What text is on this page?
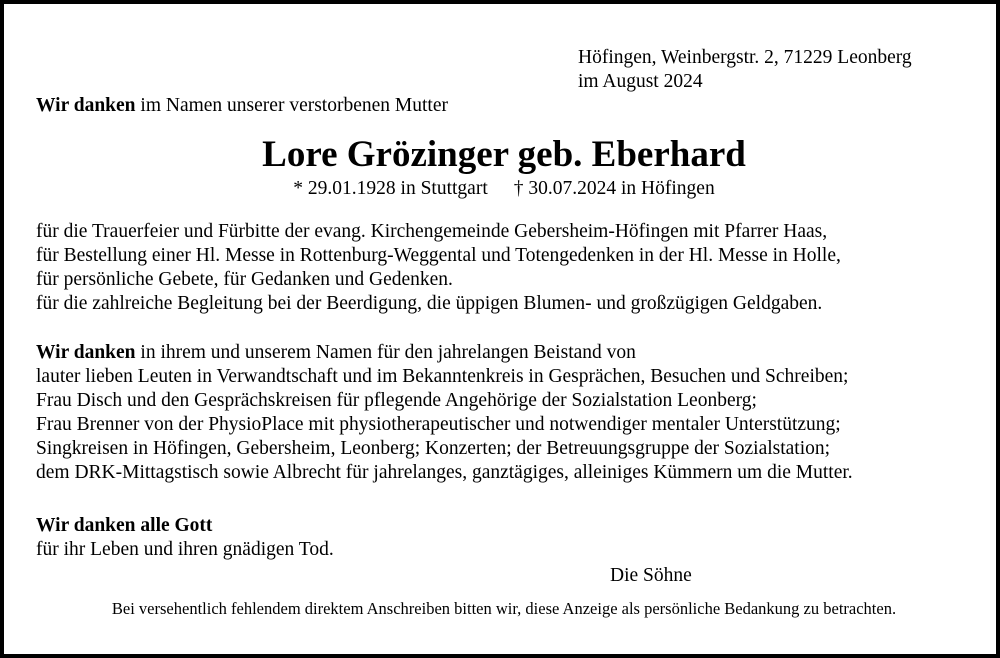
Höfingen, Weinbergstr. 2, 71229 Leonberg
im August 2024
Wir danken im Namen unserer verstorbenen Mutter
Lore Grözinger geb. Eberhard
* 29.01.1928 in Stuttgart † 30.07.2024 in Höfingen
für die Trauerfeier und Fürbitte der evang. Kirchengemeinde Gebersheim-Höfingen mit Pfarrer Haas,
für Bestellung einer Hl. Messe in Rottenburg-Weggental und Totengedenken in der Hl. Messe in Holle,
für persönliche Gebete, für Gedanken und Gedenken.
für die zahlreiche Begleitung bei der Beerdigung, die üppigen Blumen- und großzügigen Geldgaben.
Wir danken in ihrem und unserem Namen für den jahrelangen Beistand von
lauter lieben Leuten in Verwandtschaft und im Bekanntenkreis in Gesprächen, Besuchen und Schreiben;
Frau Disch und den Gesprächskreisen für pflegende Angehörige der Sozialstation Leonberg;
Frau Brenner von der PhysioPlace mit physiotherapeutischer und notwendiger mentaler Unterstützung;
Singkreisen in Höfingen, Gebersheim, Leonberg; Konzerten; der Betreuungsgruppe der Sozialstation;
dem DRK-Mittagstisch sowie Albrecht für jahrelanges, ganztägiges, alleiniges Kümmern um die Mutter.
Wir danken alle Gott
für ihr Leben und ihren gnädigen Tod.
Die Söhne
Bei versehentlich fehlendem direktem Anschreiben bitten wir, diese Anzeige als persönliche Bedankung zu betrachten.
